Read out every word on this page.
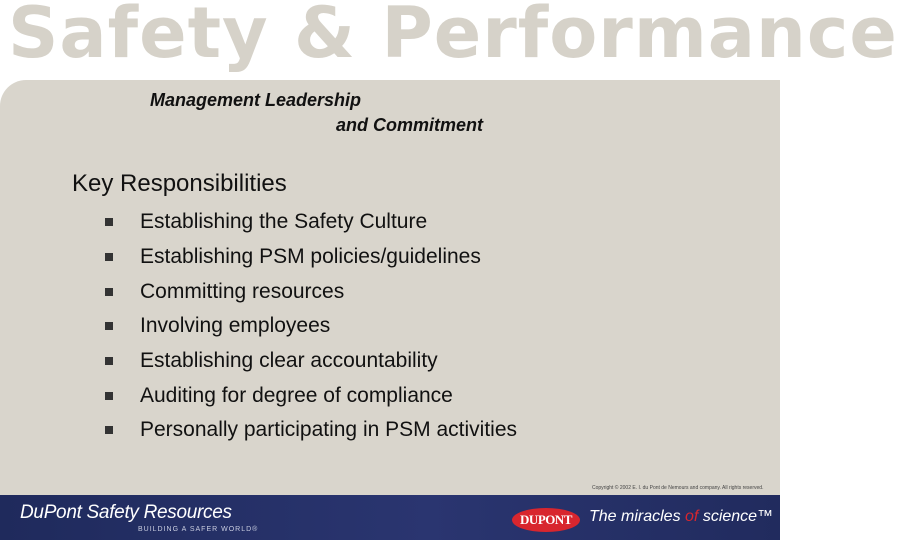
Safety & Performance
Management Leadership
and Commitment
Key Responsibilities
Establishing the Safety Culture
Establishing PSM policies/guidelines
Committing resources
Involving employees
Establishing clear accountability
Auditing for degree of compliance
Personally participating in PSM activities
Copyright © 2002 E. I. du Pont de Nemours and company. All rights reserved.
DuPont Safety Resources
BUILDING A SAFER WORLD®
DUPONT The miracles of science™
